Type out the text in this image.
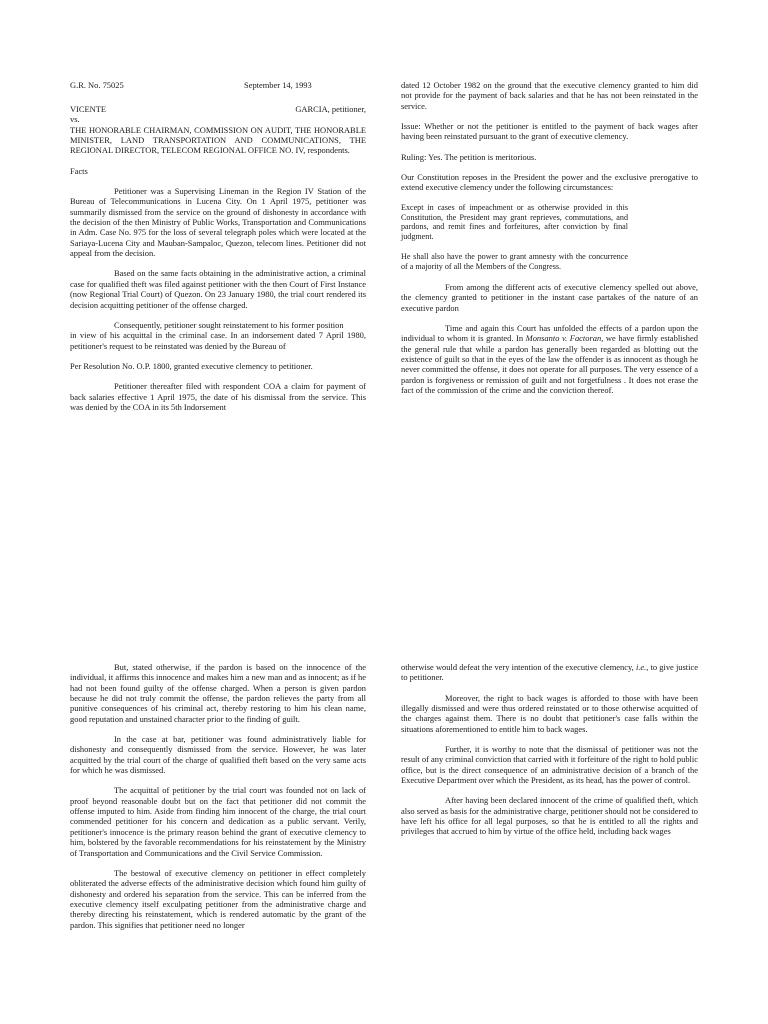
G.R. No. 75025	September 14, 1993
VICENTE	GARCIA, petitioner,

vs.

THE HONORABLE CHAIRMAN, COMMISSION ON AUDIT, THE HONORABLE MINISTER, LAND TRANSPORTATION AND COMMUNICATIONS, THE REGIONAL DIRECTOR, TELECOM REGIONAL OFFICE NO. IV, respondents.

Facts

Petitioner was a Supervising Lineman in the Region IV Station of the Bureau of Telecommunications in Lucena City. On 1 April 1975, petitioner was summarily dismissed from the service on the ground of dishonesty in accordance with the decision of the then Ministry of Public Works, Transportation and Communications in Adm. Case No. 975 for the loss of several telegraph poles which were located at the Sariaya-Lucena City and Mauban-Sampaloc, Quezon, telecom lines. Petitioner did not appeal from the decision.

Based on the same facts obtaining in the administrative action, a criminal case for qualified theft was filed against petitioner with the then Court of First Instance (now Regional Trial Court) of Quezon. On 23 January 1980, the trial court rendered its decision acquitting petitioner of the offense charged.

Consequently, petitioner sought reinstatement to his former position

in view of his acquittal in the criminal case. In an indorsement dated 7 April 1980, petitioner's request to be reinstated was denied by the Bureau of

Per Resolution No. O.P. 1800, granted executive clemency to petitioner.

Petitioner thereafter filed with respondent COA a claim for payment of back salaries effective 1 April 1975, the date of his dismissal from the service. This was denied by the COA in its 5th Indorsement

dated 12 October 1982 on the ground that the executive clemency granted to him did not provide for the payment of back salaries and that he has not been reinstated in the service.

Issue: Whether or not the petitioner is entitled to the payment of back wages after having been reinstated pursuant to the grant of executive clemency.

Ruling: Yes. The petition is meritorious.

Our Constitution reposes in the President the power and the exclusive prerogative to extend executive clemency under the following circumstances:

Except in cases of impeachment or as otherwise provided in this Constitution, the President may grant reprieves, commutations, and pardons, and remit fines and forfeitures, after conviction by final judgment.

He shall also have the power to grant amnesty with the concurrence of a majority of all the Members of the Congress.

From among the different acts of executive clemency spelled out above, the clemency granted to petitioner in the instant case partakes of the nature of an executive pardon

Time and again this Court has unfolded the effects of a pardon upon the individual to whom it is granted. In Monsanto v. Factoran, we have firmly established the general rule that while a pardon has generally been regarded as blotting out the existence of guilt so that in the eyes of the law the offender is as innocent as though he never committed the offense, it does not operate for all purposes. The very essence of a pardon is forgiveness or remission of guilt and not forgetfulness . It does not erase the fact of the commission of the crime and the conviction thereof.

But, stated otherwise, if the pardon is based on the innocence of the individual, it affirms this innocence and makes him a new man and as innocent; as if he had not been found guilty of the offense charged. When a person is given pardon because he did not truly commit the offense, the pardon relieves the party from all punitive consequences of his criminal act, thereby restoring to him his clean name, good reputation and unstained character prior to the finding of guilt.

In the case at bar, petitioner was found administratively liable for dishonesty and consequently dismissed from the service. However, he was later acquitted by the trial court of the charge of qualified theft based on the very same acts for which he was dismissed.

The acquittal of petitioner by the trial court was founded not on lack of proof beyond reasonable doubt but on the fact that petitioner did not commit the offense imputed to him. Aside from finding him innocent of the charge, the trial court commended petitioner for his concern and dedication as a public servant. Verily, petitioner's innocence is the primary reason behind the grant of executive clemency to him, bolstered by the favorable recommendations for his reinstatement by the Ministry of Transportation and Communications and the Civil Service Commission.

The bestowal of executive clemency on petitioner in effect completely obliterated the adverse effects of the administrative decision which found him guilty of dishonesty and ordered his separation from the service. This can be inferred from the executive clemency itself exculpating petitioner from the administrative charge and thereby directing his reinstatement, which is rendered automatic by the grant of the pardon. This signifies that petitioner need no longer

otherwise would defeat the very intention of the executive clemency, i.e., to give justice to petitioner.

Moreover, the right to back wages is afforded to those with have been illegally dismissed and were thus ordered reinstated or to those otherwise acquitted of the charges against them. There is no doubt that petitioner's case falls within the situations aforementioned to entitle him to back wages.

Further, it is worthy to note that the dismissal of petitioner was not the result of any criminal conviction that carried with it forfeiture of the right to hold public office, but is the direct consequence of an administrative decision of a branch of the Executive Department over which the President, as its head, has the power of control.

After having been declared innocent of the crime of qualified theft, which also served as basis for the administrative charge, petitioner should not be considered to have left his office for all legal purposes, so that he is entitled to all the rights and privileges that accrued to him by virtue of the office held, including back wages
